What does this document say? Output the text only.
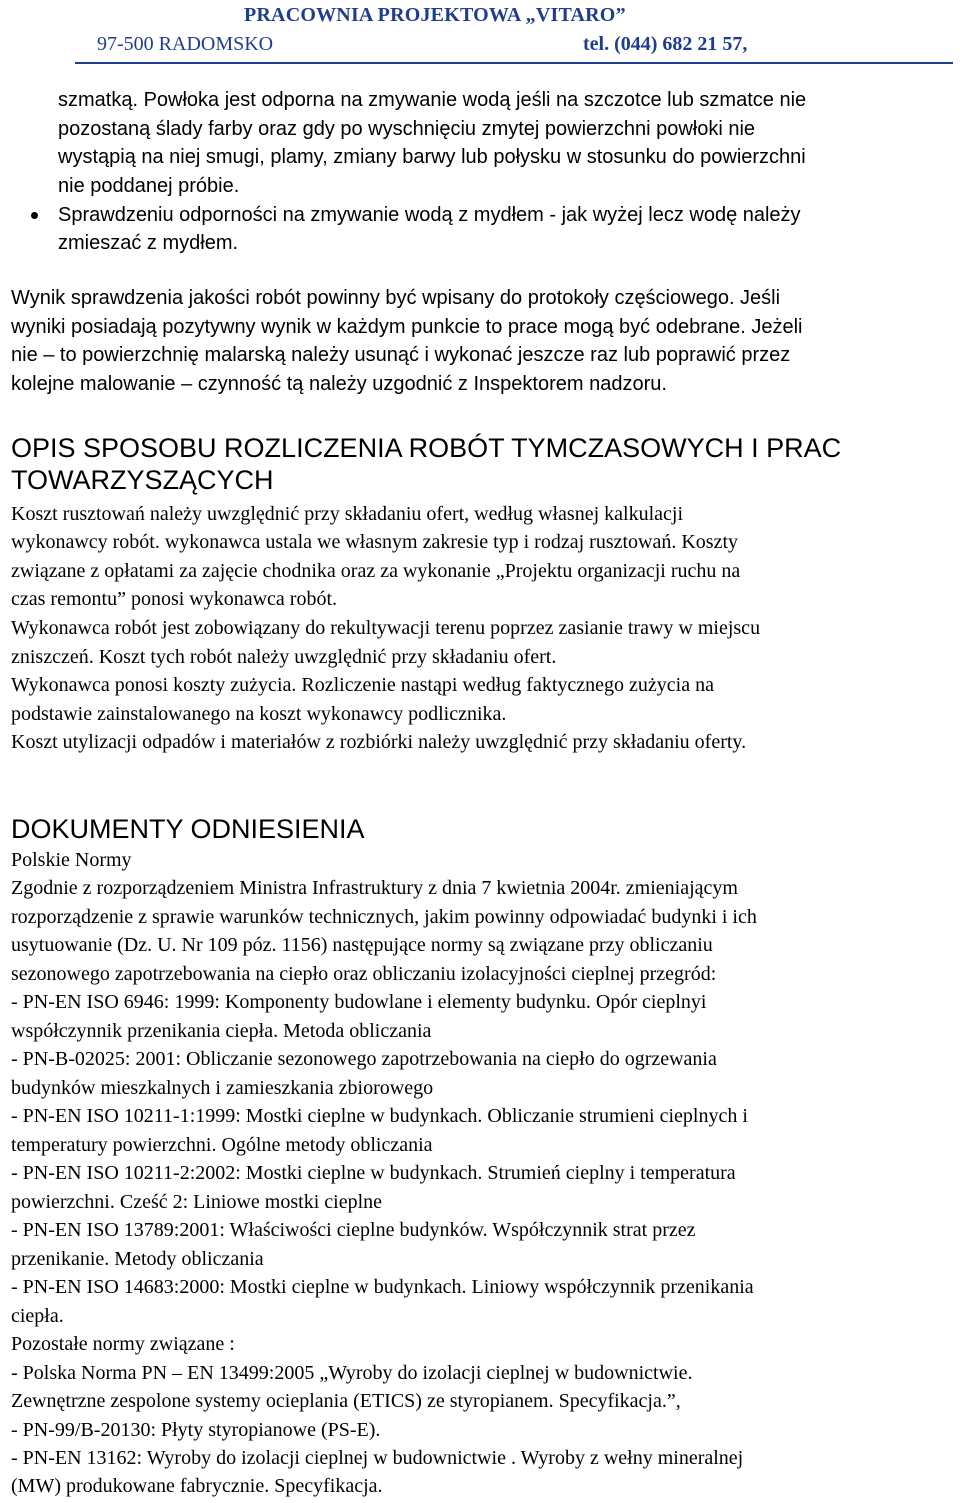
PRACOWNIA PROJEKTOWA „VITARO”
97-500 RADOMSKO	tel. (044) 682 21 57,
szmatką. Powłoka jest odporna na zmywanie wodą jeśli na szczotce lub szmatce nie
pozostaną ślady farby oraz gdy po wyschnięciu zmytej powierzchni powłoki nie
wystąpią na niej smugi, plamy, zmiany barwy lub połysku w stosunku do powierzchni
nie poddanej próbie.
Sprawdzeniu odporności na zmywanie wodą z mydłem - jak wyżej lecz wodę należy
zmieszać z mydłem.
Wynik sprawdzenia jakości robót powinny być wpisany do protokoły częściowego. Jeśli
wyniki posiadają pozytywny wynik w każdym punkcie to prace mogą być odebrane. Jeżeli
nie – to powierzchnię malarską należy usunąć i wykonać jeszcze raz lub poprawić przez
kolejne malowanie – czynność tą należy uzgodnić z Inspektorem nadzoru.
OPIS SPOSOBU ROZLICZENIA ROBÓT TYMCZASOWYCH I PRAC
TOWARZYSZĄCYCH
Koszt rusztowań należy uwzględnić przy składaniu ofert, według własnej kalkulacji
wykonawcy robót. wykonawca ustala we własnym zakresie typ i rodzaj rusztowań. Koszty
związane z opłatami za zajęcie chodnika oraz za wykonanie „Projektu organizacji ruchu na
czas remontu” ponosi wykonawca robót.
Wykonawca robót jest zobowiązany do rekultywacji terenu poprzez zasianie trawy w miejscu
zniszczeń. Koszt tych robót należy uwzględnić przy składaniu ofert.
Wykonawca ponosi koszty zużycia. Rozliczenie nastąpi według faktycznego zużycia na
podstawie zainstalowanego na koszt wykonawcy podlicznika.
Koszt utylizacji odpadów i materiałów z rozbiórki należy uwzględnić przy składaniu oferty.
DOKUMENTY ODNIESIENIA
Polskie Normy
Zgodnie z rozporządzeniem Ministra Infrastruktury z dnia 7 kwietnia 2004r. zmieniającym
rozporządzenie z sprawie warunków technicznych, jakim powinny odpowiadać budynki i ich
usytuowanie (Dz. U. Nr 109 póz. 1156) następujące normy są związane przy obliczaniu
sezonowego zapotrzebowania na ciepło oraz obliczaniu izolacyjności cieplnej przegród:
- PN-EN ISO 6946: 1999: Komponenty budowlane i elementy budynku. Opór cieplnyi
współczynnik przenikania ciepła. Metoda obliczania
- PN-B-02025: 2001: Obliczanie sezonowego zapotrzebowania na ciepło do ogrzewania
budynków mieszkalnych i zamieszkania zbiorowego
- PN-EN ISO 10211-1:1999: Mostki cieplne w budynkach. Obliczanie strumieni cieplnych i
temperatury powierzchni. Ogólne metody obliczania
- PN-EN ISO 10211-2:2002: Mostki cieplne w budynkach. Strumień cieplny i temperatura
powierzchni. Cześć 2: Liniowe mostki cieplne
- PN-EN ISO 13789:2001: Właściwości cieplne budynków. Współczynnik strat przez
przenikanie. Metody obliczania
- PN-EN ISO 14683:2000: Mostki cieplne w budynkach. Liniowy współczynnik przenikania
ciepła.
Pozostałe normy związane :
- Polska Norma PN – EN 13499:2005 „Wyroby do izolacji cieplnej w budownictwie.
Zewnętrzne zespolone systemy ocieplania (ETICS) ze styropianem. Specyfikacja.”,
- PN-99/B-20130: Płyty styropianowe (PS-E).
- PN-EN 13162: Wyroby do izolacji cieplnej w budownictwie . Wyroby z wełny mineralnej
(MW) produkowane fabrycznie. Specyfikacja.
